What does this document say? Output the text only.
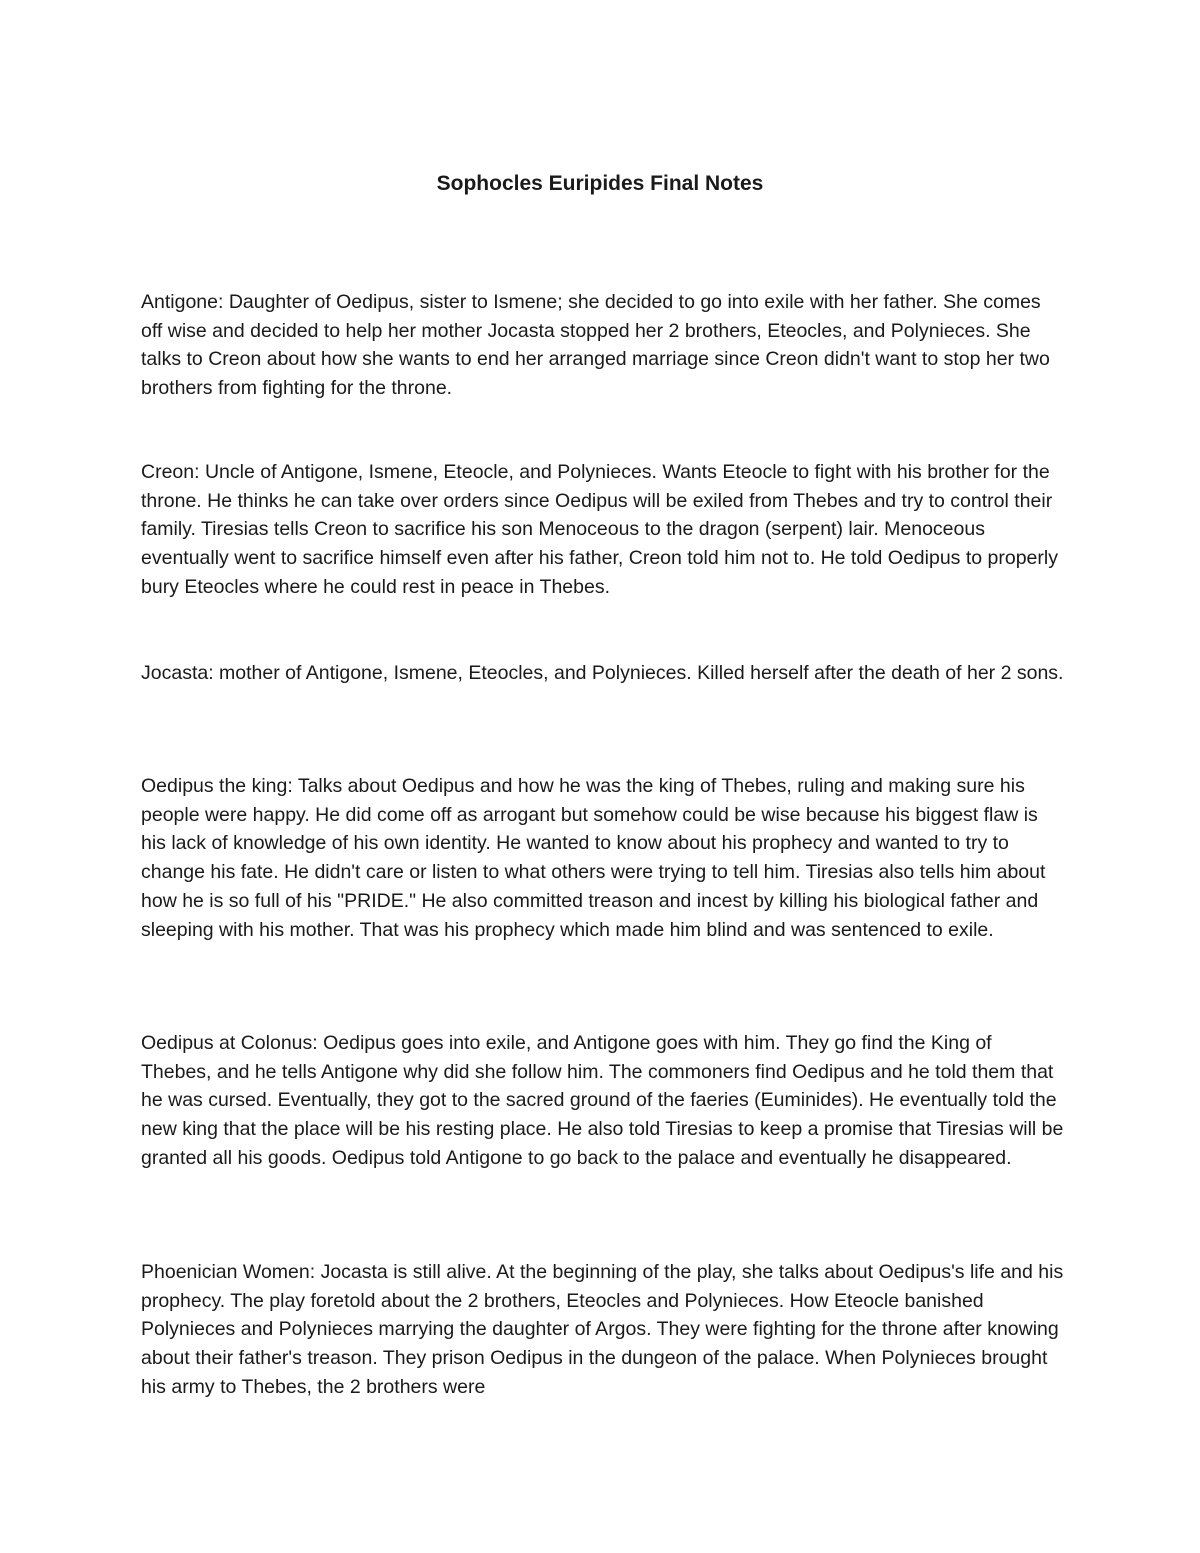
Sophocles Euripides Final Notes

Antigone: Daughter of Oedipus, sister to Ismene; she decided to go into exile with her father. She comes off wise and decided to help her mother Jocasta stopped her 2 brothers, Eteocles, and Polynieces. She talks to Creon about how she wants to end her arranged marriage since Creon didn't want to stop her two brothers from fighting for the throne.

Creon: Uncle of Antigone, Ismene, Eteocle, and Polynieces. Wants Eteocle to fight with his brother for the throne. He thinks he can take over orders since Oedipus will be exiled from Thebes and try to control their family. Tiresias tells Creon to sacrifice his son Menoceous to the dragon (serpent) lair. Menoceous eventually went to sacrifice himself even after his father, Creon told him not to. He told Oedipus to properly bury Eteocles where he could rest in peace in Thebes.

Jocasta: mother of Antigone, Ismene, Eteocles, and Polynieces. Killed herself after the death of her 2 sons.

Oedipus the king: Talks about Oedipus and how he was the king of Thebes, ruling and making sure his people were happy. He did come off as arrogant but somehow could be wise because his biggest flaw is his lack of knowledge of his own identity. He wanted to know about his prophecy and wanted to try to change his fate. He didn't care or listen to what others were trying to tell him. Tiresias also tells him about how he is so full of his "PRIDE." He also committed treason and incest by killing his biological father and sleeping with his mother. That was his prophecy which made him blind and was sentenced to exile.

Oedipus at Colonus: Oedipus goes into exile, and Antigone goes with him. They go find the King of Thebes, and he tells Antigone why did she follow him. The commoners find Oedipus and he told them that he was cursed. Eventually, they got to the sacred ground of the faeries (Euminides). He eventually told the new king that the place will be his resting place. He also told Tiresias to keep a promise that Tiresias will be granted all his goods. Oedipus told Antigone to go back to the palace and eventually he disappeared.

Phoenician Women: Jocasta is still alive. At the beginning of the play, she talks about Oedipus's life and his prophecy. The play foretold about the 2 brothers, Eteocles and Polynieces. How Eteocle banished Polynieces and Polynieces marrying the daughter of Argos. They were fighting for the throne after knowing about their father's treason. They prison Oedipus in the dungeon of the palace. When Polynieces brought his army to Thebes, the 2 brothers were
